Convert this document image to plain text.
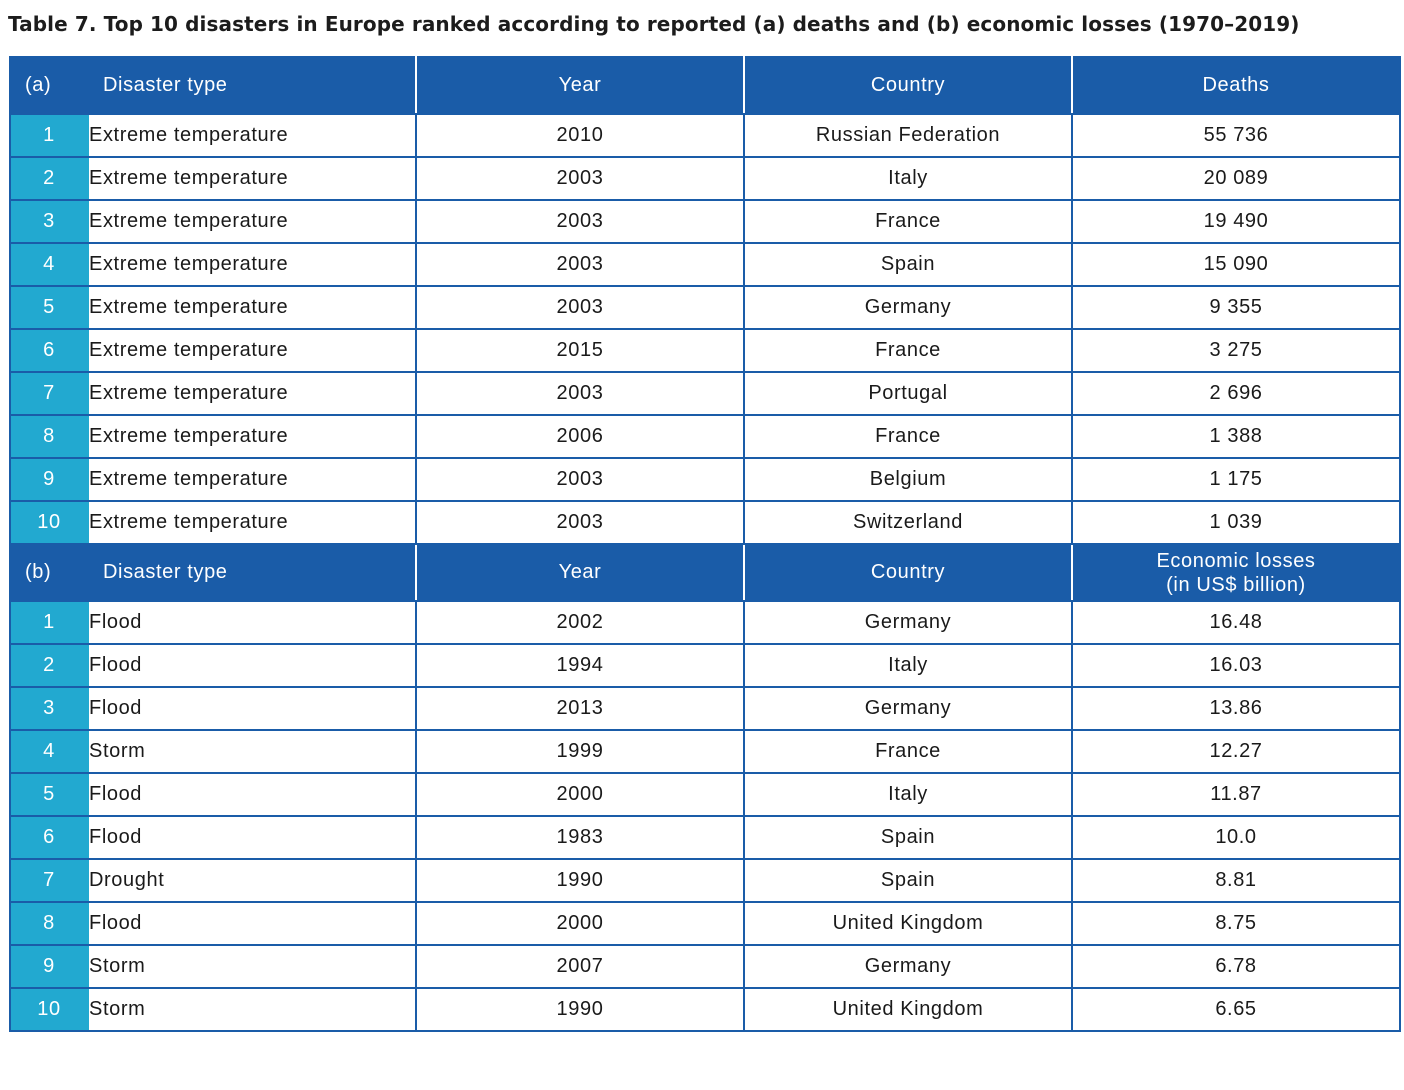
Table 7. Top 10 disasters in Europe ranked according to reported (a) deaths and (b) economic losses (1970–2019)
(a)	Disaster type	Year	Country	Deaths
1	Extreme temperature	2010	Russian Federation	55 736
2	Extreme temperature	2003	Italy	20 089
3	Extreme temperature	2003	France	19 490
4	Extreme temperature	2003	Spain	15 090
5	Extreme temperature	2003	Germany	9 355
6	Extreme temperature	2015	France	3 275
7	Extreme temperature	2003	Portugal	2 696
8	Extreme temperature	2006	France	1 388
9	Extreme temperature	2003	Belgium	1 175
10	Extreme temperature	2003	Switzerland	1 039
(b)	Disaster type	Year	Country	Economic losses
(in US$ billion)
1	Flood	2002	Germany	16.48
2	Flood	1994	Italy	16.03
3	Flood	2013	Germany	13.86
4	Storm	1999	France	12.27
5	Flood	2000	Italy	11.87
6	Flood	1983	Spain	10.0
7	Drought	1990	Spain	8.81
8	Flood	2000	United Kingdom	8.75
9	Storm	2007	Germany	6.78
10	Storm	1990	United Kingdom	6.65
